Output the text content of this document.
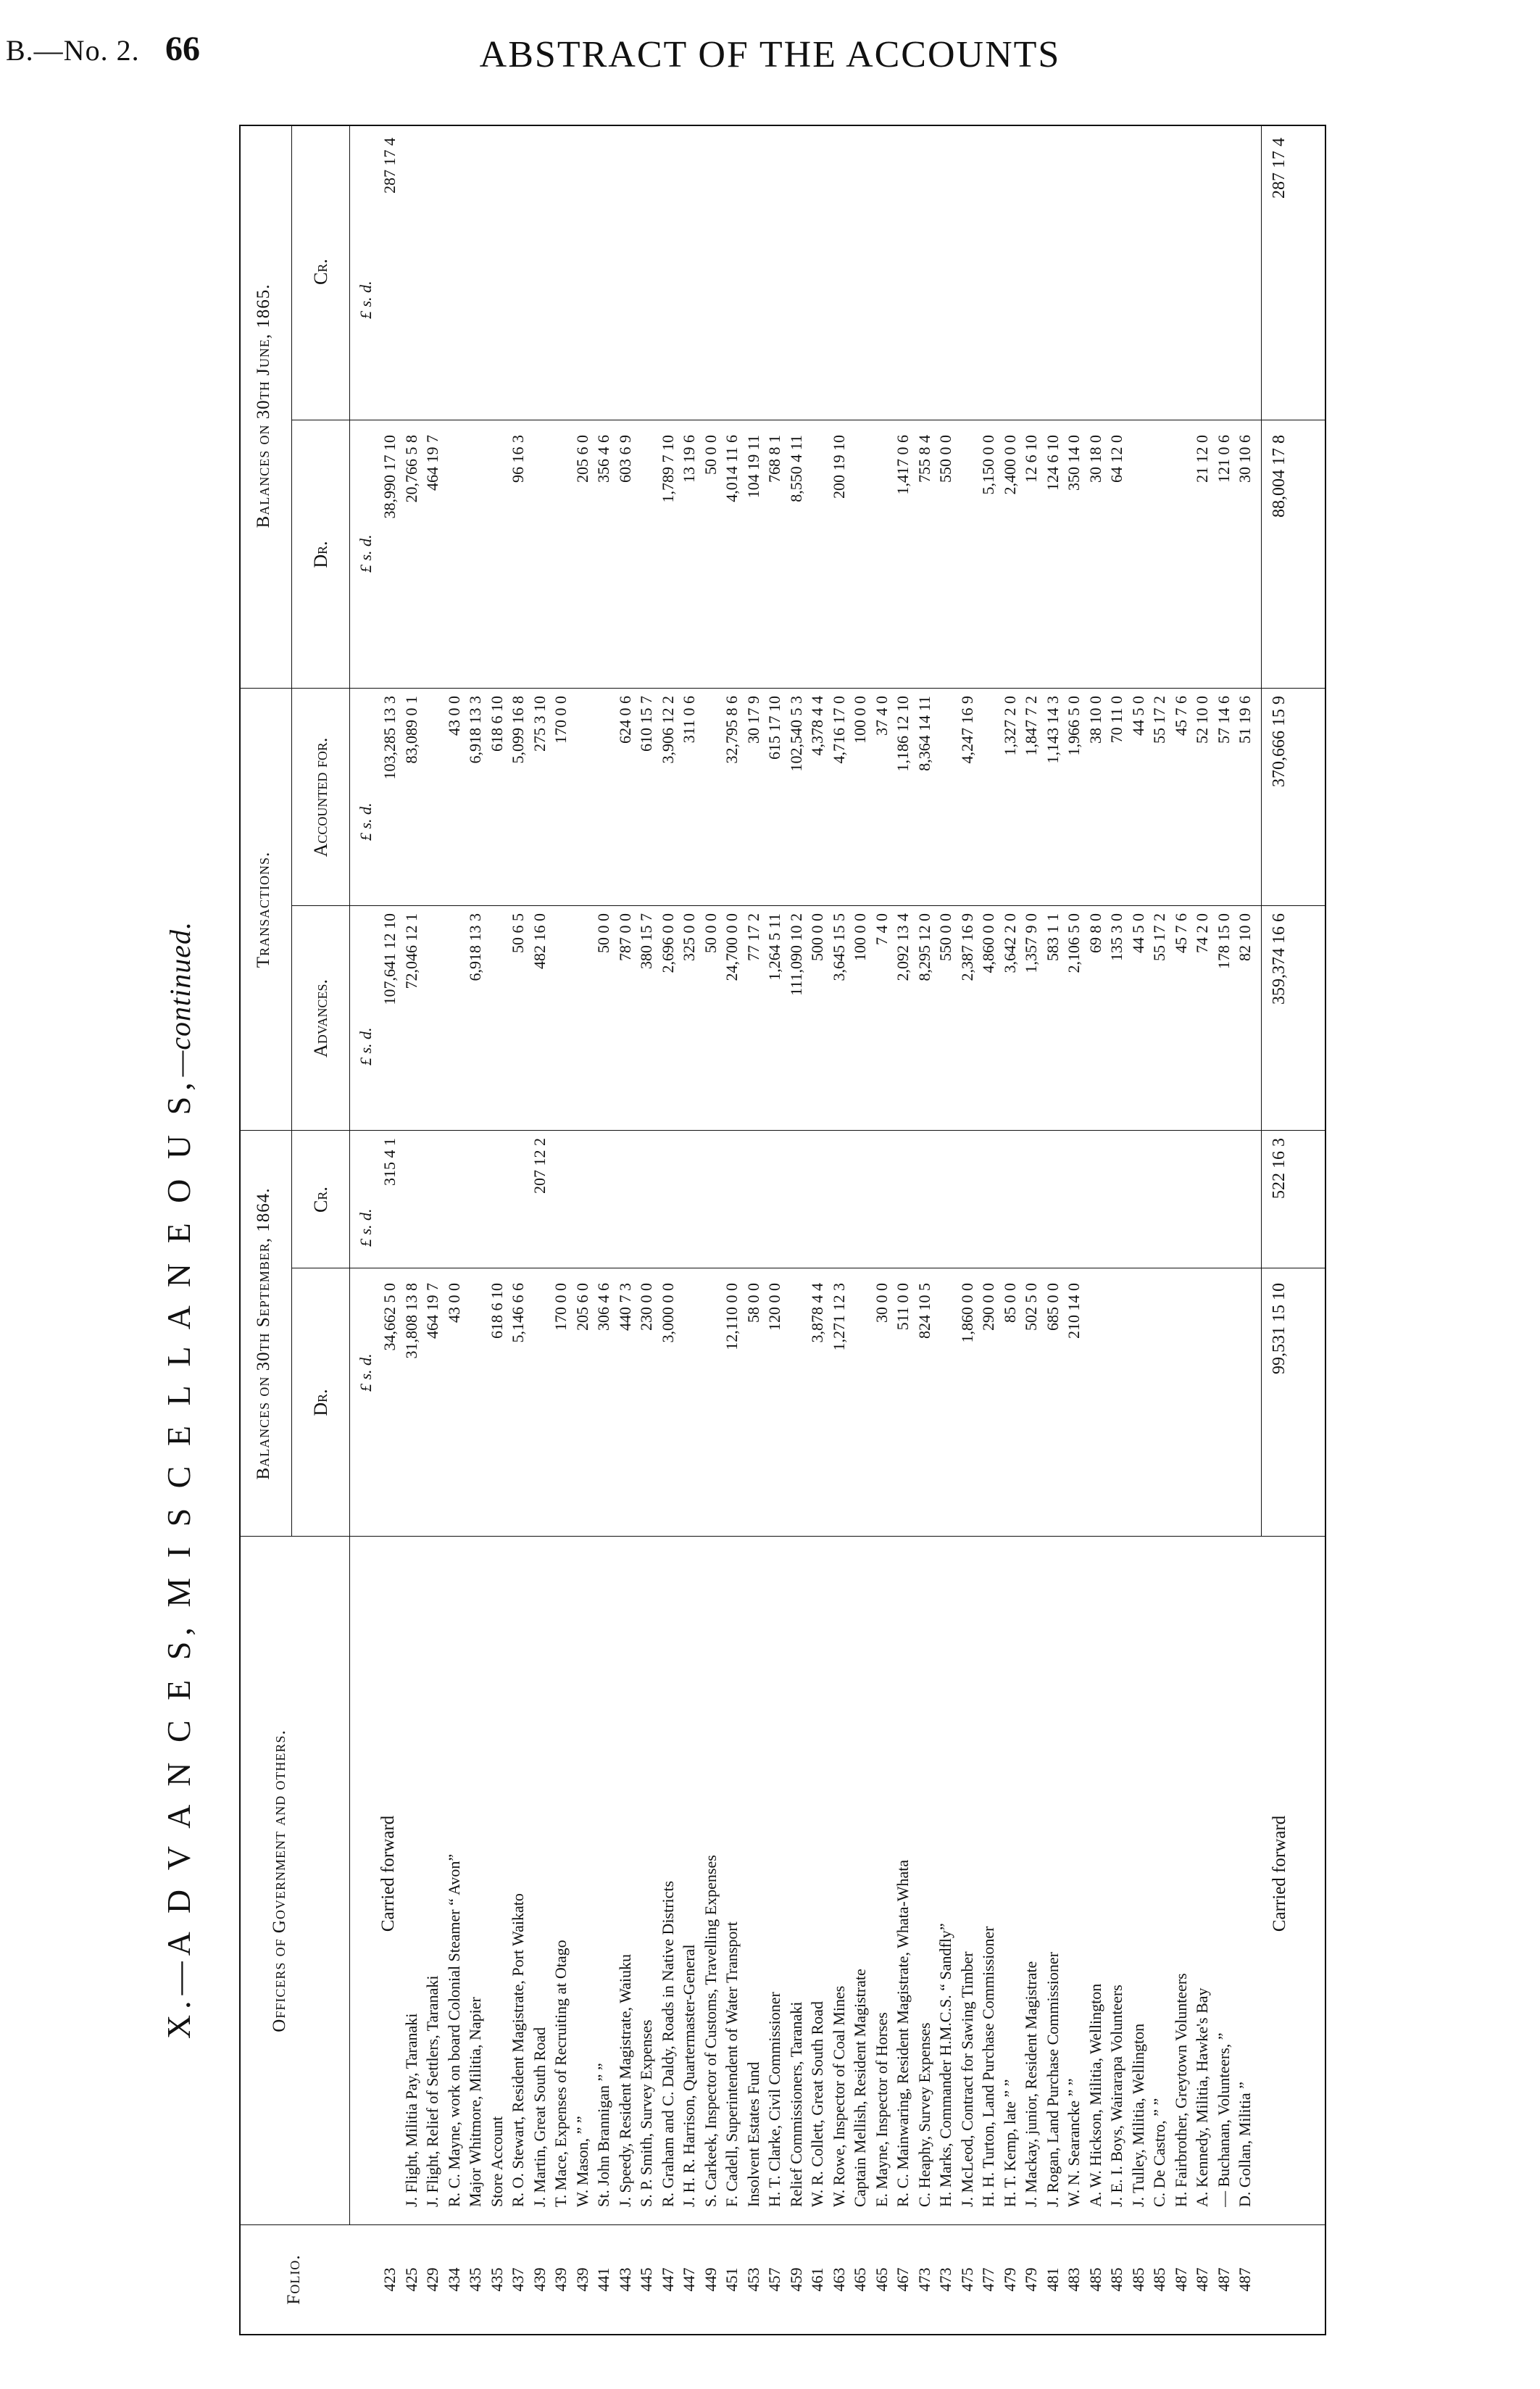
B.—No. 2. 66	ABSTRACT OF THE ACCOUNTS
X.—A D V A N C E S, M I S C E L L A N E O U S,—continued.
Folio.
Officers of Government and others.
Balances on 30th September, 1864.
Transactions.
Balances on 30th June, 1865.
Dr.
Cr.
Advances.
Accounted for.
Dr.
Cr.
£ s. d.
£ s. d.
£ s. d.
£ s. d.
£ s. d.
£ s. d.
Carried forward
423
34,662 5 0
315 4 1
107,641 12 10
103,285 13 3
38,990 17 10
287 17 4
425
J. Flight, Militia Pay, Taranaki
31,808 13 8
72,046 12 1
83,089 0 1
20,766 5 8
429
J. Flight, Relief of Settlers, Taranaki
464 19 7
464 19 7
434
R. C. Mayne, work on board Colonial Steamer “ Avon”
43 0 0
43 0 0
435
Major Whitmore, Militia, Napier
6,918 13 3
6,918 13 3
435
Store Account
618 6 10
618 6 10
437
R. O. Stewart, Resident Magistrate, Port Waikato
5,146 6 6
50 6 5
5,099 16 8
96 16 3
439
J. Martin, Great South Road
207 12 2
482 16 0
275 3 10
439
T. Mace, Expenses of Recruiting at Otago
170 0 0
170 0 0
439
W. Mason, ” ”
205 6 0
205 6 0
441
St. John Brannigan ” ”
306 4 6
50 0 0
356 4 6
443
J. Speedy, Resident Magistrate, Waiuku
440 7 3
787 0 0
624 0 6
603 6 9
445
S. P. Smith, Survey Expenses
230 0 0
380 15 7
610 15 7
447
R. Graham and C. Daldy, Roads in Native Districts
3,000 0 0
2,696 0 0
3,906 12 2
1,789 7 10
447
J. H. R. Harrison, Quartermaster-General
325 0 0
311 0 6
13 19 6
449
S. Carkeek, Inspector of Customs, Travelling Expenses
50 0 0
50 0 0
451
F. Cadell, Superintendent of Water Transport
12,110 0 0
24,700 0 0
32,795 8 6
4,014 11 6
453
Insolvent Estates Fund
58 0 0
77 17 2
30 17 9
104 19 11
457
H. T. Clarke, Civil Commissioner
120 0 0
1,264 5 11
615 17 10
768 8 1
459
Relief Commissioners, Taranaki
111,090 10 2
102,540 5 3
8,550 4 11
461
W. R. Collett, Great South Road
3,878 4 4
500 0 0
4,378 4 4
463
W. Rowe, Inspector of Coal Mines
1,271 12 3
3,645 15 5
4,716 17 0
200 19 10
465
Captain Mellish, Resident Magistrate
100 0 0
100 0 0
465
E. Mayne, Inspector of Horses
30 0 0
7 4 0
37 4 0
467
R. C. Mainwaring, Resident Magistrate, Whata-Whata
511 0 0
2,092 13 4
1,186 12 10
1,417 0 6
473
C. Heaphy, Survey Expenses
824 10 5
8,295 12 0
8,364 14 11
755 8 4
473
H. Marks, Commander H.M.C.S. “ Sandfly”
550 0 0
550 0 0
475
J. McLeod, Contract for Sawing Timber
1,860 0 0
2,387 16 9
4,247 16 9
477
H. H. Turton, Land Purchase Commissioner
290 0 0
4,860 0 0
5,150 0 0
479
H. T. Kemp, late ” ”
85 0 0
3,642 2 0
1,327 2 0
2,400 0 0
479
J. Mackay, junior, Resident Magistrate
502 5 0
1,357 9 0
1,847 7 2
12 6 10
481
J. Rogan, Land Purchase Commissioner
685 0 0
583 1 1
1,143 14 3
124 6 10
483
W. N. Searancke ” ”
210 14 0
2,106 5 0
1,966 5 0
350 14 0
485
A. W. Hickson, Militia, Wellington
69 8 0
38 10 0
30 18 0
485
J. E. I. Boys, Wairarapa Volunteers
135 3 0
70 11 0
64 12 0
485
J. Tulley, Militia, Wellington
44 5 0
44 5 0
485
C. De Castro, ” ”
55 17 2
55 17 2
487
H. Fairbrother, Greytown Volunteers
45 7 6
45 7 6
487
A. Kennedy, Militia, Hawke's Bay
74 2 0
52 10 0
21 12 0
487
— Buchanan, Volunteers, ”
178 15 0
57 14 6
121 0 6
487
D. Gollan, Militia ”
82 10 0
51 19 6
30 10 6
Carried forward
99,531 15 10
522 16 3
359,374 16 6
370,666 15 9
88,004 17 8
287 17 4
